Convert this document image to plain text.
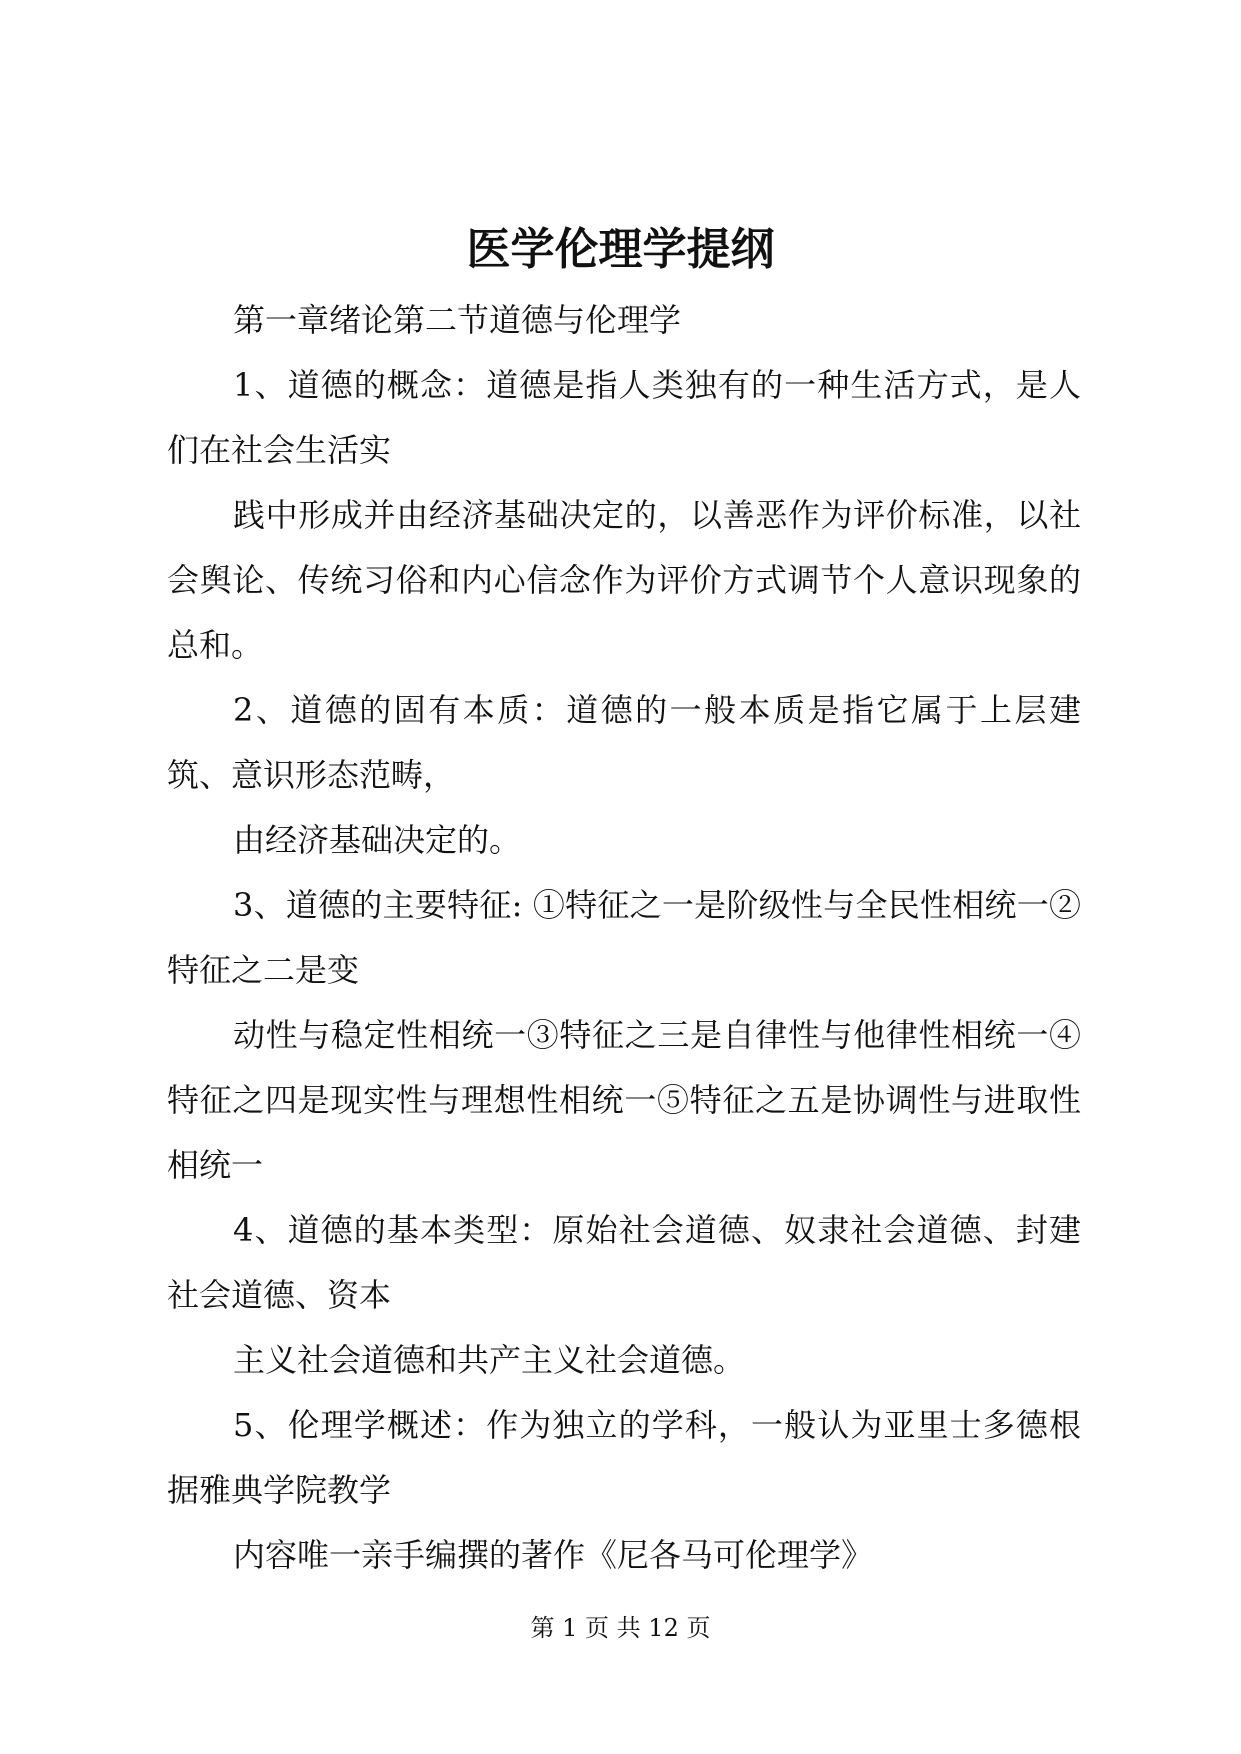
医学伦理学提纲

第一章绪论第二节道德与伦理学

1、道德的概念：道德是指人类独有的一种生活方式，是人们在社会生活实

践中形成并由经济基础决定的，以善恶作为评价标准，以社会舆论、传统习俗和内心信念作为评价方式调节个人意识现象的总和。

2、道德的固有本质：道德的一般本质是指它属于上层建筑、意识形态范畴，

由经济基础决定的。

3、道德的主要特征: ①特征之一是阶级性与全民性相统一②特征之二是变

动性与稳定性相统一③特征之三是自律性与他律性相统一④特征之四是现实性与理想性相统一⑤特征之五是协调性与进取性相统一

4、道德的基本类型：原始社会道德、奴隶社会道德、封建社会道德、资本

主义社会道德和共产主义社会道德。

5、伦理学概述：作为独立的学科，一般认为亚里士多德根据雅典学院教学

内容唯一亲手编撰的著作《尼各马可伦理学》

第 1 页 共 12 页
